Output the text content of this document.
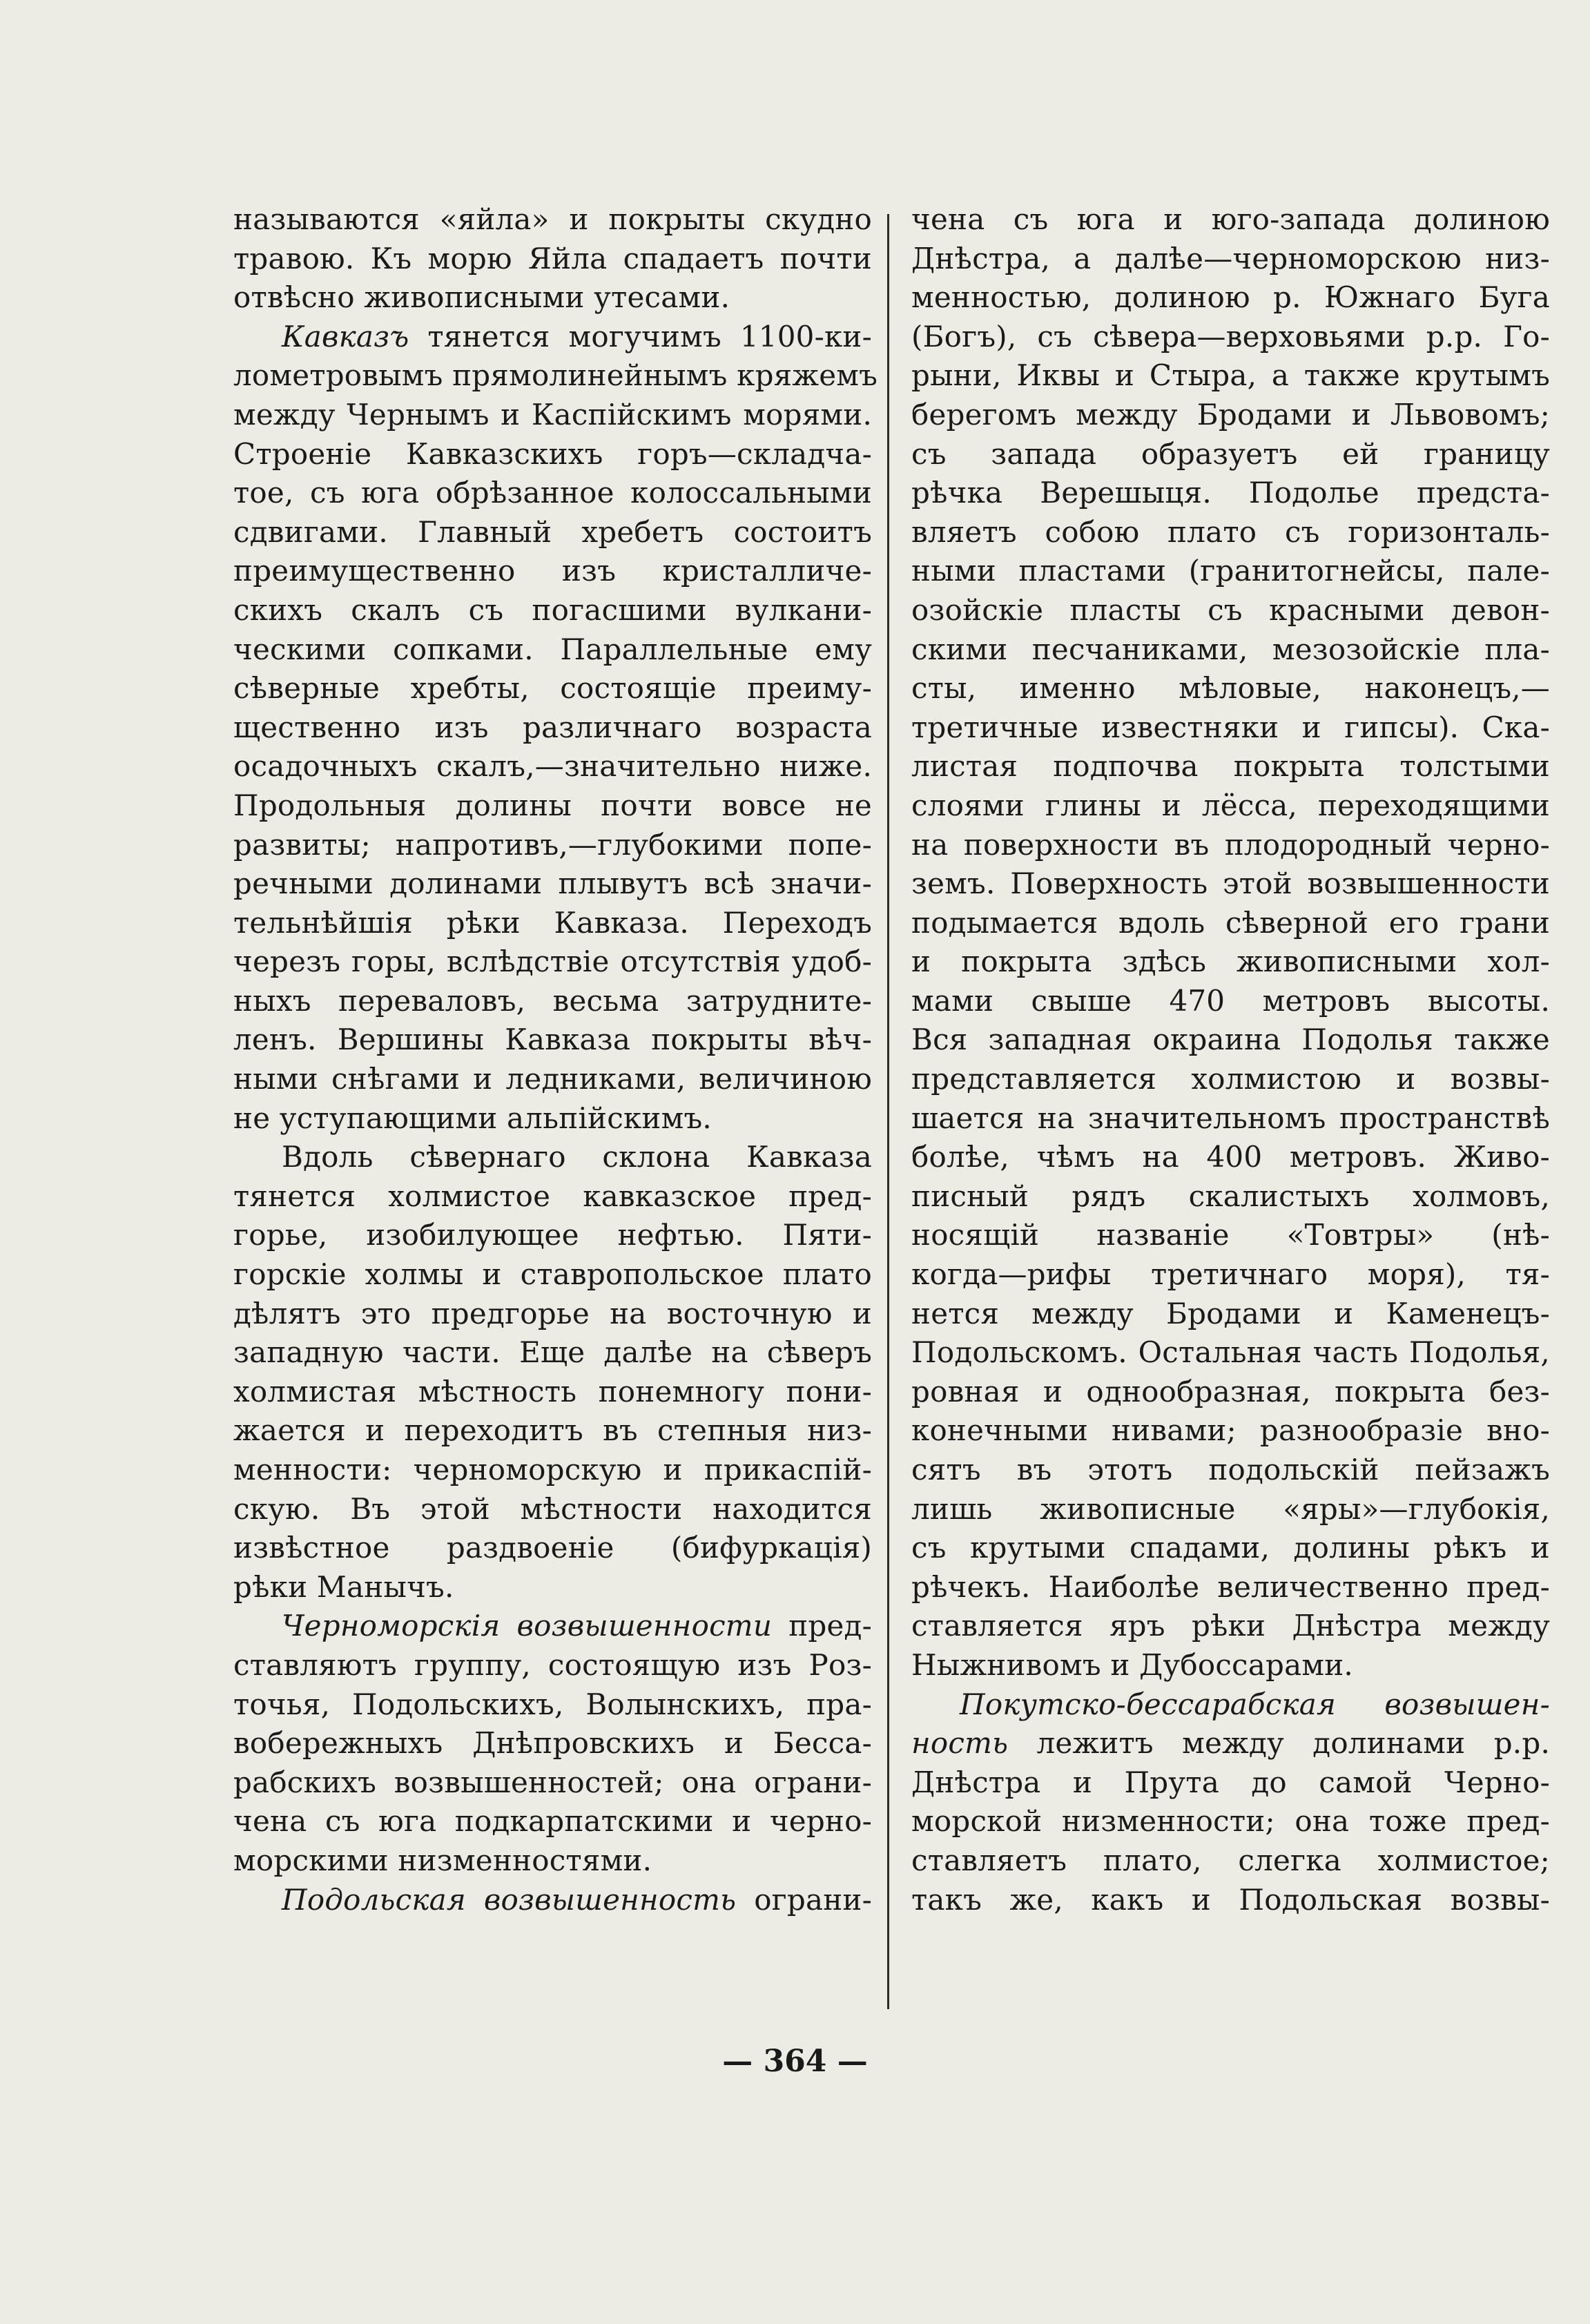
называются «яйла» и покрыты скудно
травою. Къ морю Яйла спадаетъ почти
отвѣсно живописными утесами.
Кавказъ тянется могучимъ 1100-ки-
лометровымъ прямолинейнымъ кряжемъ
между Чернымъ и Каспійскимъ морями.
Строеніе Кавказскихъ горъ—складча-
тое, съ юга обрѣзанное колоссальными
сдвигами. Главный хребетъ состоитъ
преимущественно изъ кристалличе-
скихъ скалъ съ погасшими вулкани-
ческими сопками. Параллельные ему
сѣверные хребты, состоящіе преиму-
щественно изъ различнаго возраста
осадочныхъ скалъ,—значительно ниже.
Продольныя долины почти вовсе не
развиты; напротивъ,—глубокими попе-
речными долинами плывутъ всѣ значи-
тельнѣйшія рѣки Кавказа. Переходъ
черезъ горы, вслѣдствіе отсутствія удоб-
ныхъ переваловъ, весьма затрудните-
ленъ. Вершины Кавказа покрыты вѣч-
ными снѣгами и ледниками, величиною
не уступающими альпійскимъ.
Вдоль сѣвернаго склона Кавказа
тянется холмистое кавказское пред-
горье, изобилующее нефтью. Пяти-
горскіе холмы и ставропольское плато
дѣлятъ это предгорье на восточную и
западную части. Еще далѣе на сѣверъ
холмистая мѣстность понемногу пони-
жается и переходитъ въ степныя низ-
менности: черноморскую и прикаспій-
скую. Въ этой мѣстности находится
извѣстное раздвоеніе (бифуркація)
рѣки Манычъ.
Черноморскія возвышенности пред-
ставляютъ группу, состоящую изъ Роз-
точья, Подольскихъ, Волынскихъ, пра-
вобережныхъ Днѣпровскихъ и Бесса-
рабскихъ возвышенностей; она ограни-
чена съ юга подкарпатскими и черно-
морскими низменностями.
Подольская возвышенность ограни-
чена съ юга и юго-запада долиною
Днѣстра, а далѣе—черноморскою низ-
менностью, долиною р. Южнаго Буга
(Богъ), съ сѣвера—верховьями р.р. Го-
рыни, Иквы и Стыра, а также крутымъ
берегомъ между Бродами и Львовомъ;
съ запада образуетъ ей границу
рѣчка Верешыця. Подолье предста-
вляетъ собою плато съ горизонталь-
ными пластами (гранитогнейсы, пале-
озойскіе пласты съ красными девон-
скими песчаниками, мезозойскіе пла-
сты, именно мѣловые, наконецъ,—
третичные известняки и гипсы). Ска-
листая подпочва покрыта толстыми
слоями глины и лёсса, переходящими
на поверхности въ плодородный черно-
земъ. Поверхность этой возвышенности
подымается вдоль сѣверной его грани
и покрыта здѣсь живописными хол-
мами свыше 470 метровъ высоты.
Вся западная окраина Подолья также
представляется холмистою и возвы-
шается на значительномъ пространствѣ
болѣе, чѣмъ на 400 метровъ. Живо-
писный рядъ скалистыхъ холмовъ,
носящій названіе «Товтры» (нѣ-
когда—рифы третичнаго моря), тя-
нется между Бродами и Каменецъ-
Подольскомъ. Остальная часть Подолья,
ровная и однообразная, покрыта без-
конечными нивами; разнообразіе вно-
сятъ въ этотъ подольскій пейзажъ
лишь живописные «яры»—глубокія,
съ крутыми спадами, долины рѣкъ и
рѣчекъ. Наиболѣе величественно пред-
ставляется яръ рѣки Днѣстра между
Ныжнивомъ и Дубоссарами.
Покутско-бессарабская возвышен-
ность лежитъ между долинами р.р.
Днѣстра и Прута до самой Черно-
морской низменности; она тоже пред-
ставляетъ плато, слегка холмистое;
такъ же, какъ и Подольская возвы-
— 364 —
